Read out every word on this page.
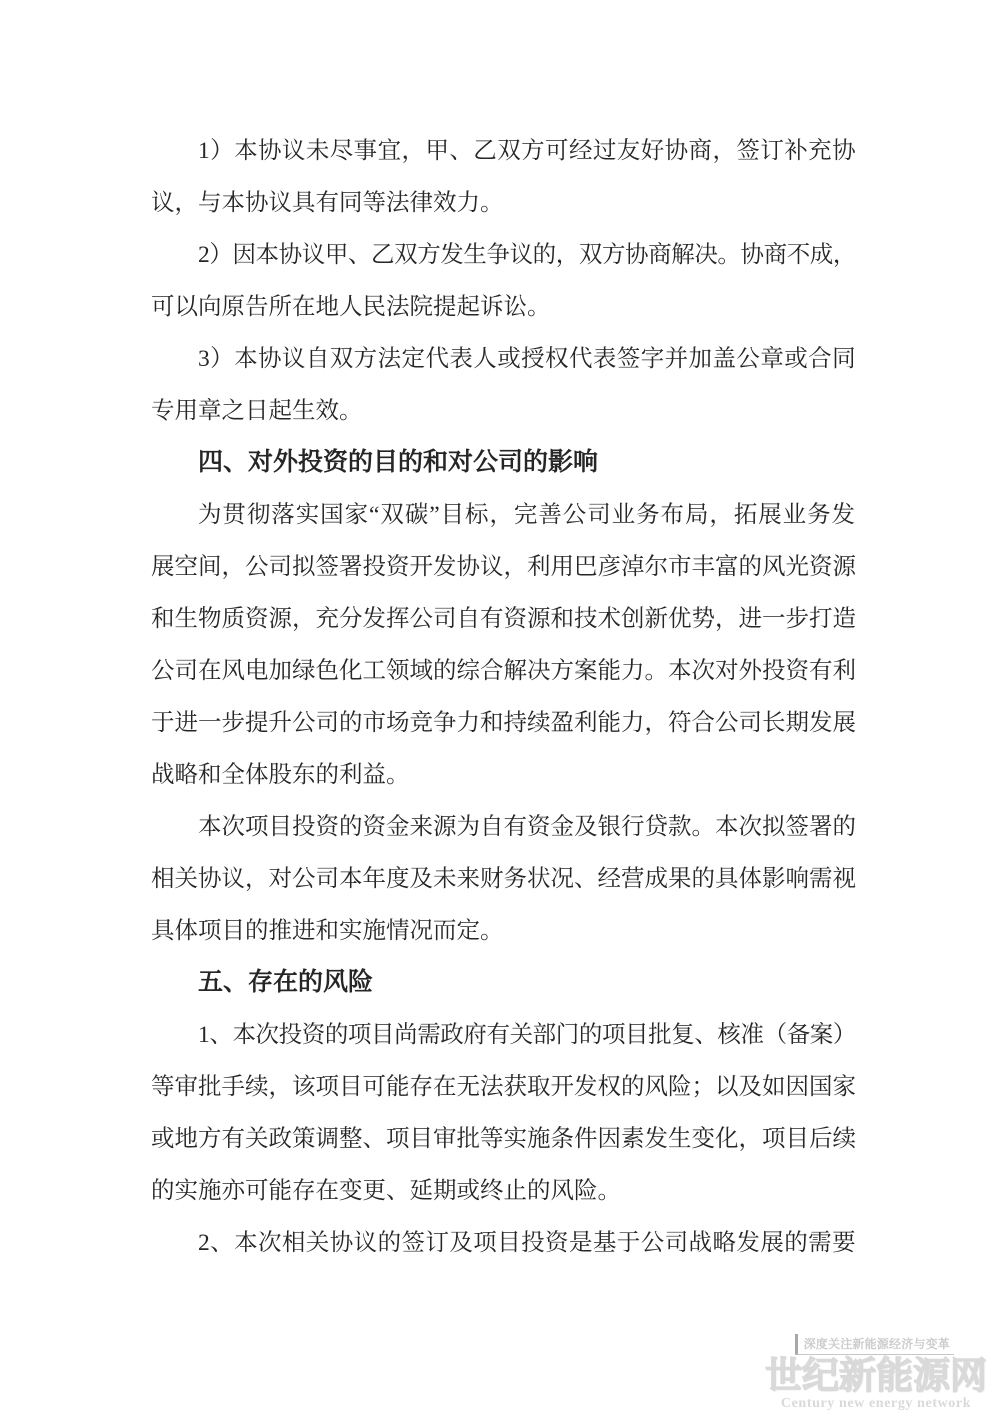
1）本协议未尽事宜，甲、乙双方可经过友好协商，签订补充协
议，与本协议具有同等法律效力。
2）因本协议甲、乙双方发生争议的，双方协商解决。协商不成，
可以向原告所在地人民法院提起诉讼。
3）本协议自双方法定代表人或授权代表签字并加盖公章或合同
专用章之日起生效。
四、对外投资的目的和对公司的影响
为贯彻落实国家“双碳”目标，完善公司业务布局，拓展业务发
展空间，公司拟签署投资开发协议，利用巴彦淖尔市丰富的风光资源
和生物质资源，充分发挥公司自有资源和技术创新优势，进一步打造
公司在风电加绿色化工领域的综合解决方案能力。本次对外投资有利
于进一步提升公司的市场竞争力和持续盈利能力，符合公司长期发展
战略和全体股东的利益。
本次项目投资的资金来源为自有资金及银行贷款。本次拟签署的
相关协议，对公司本年度及未来财务状况、经营成果的具体影响需视
具体项目的推进和实施情况而定。
五、存在的风险
1、本次投资的项目尚需政府有关部门的项目批复、核准（备案）
等审批手续，该项目可能存在无法获取开发权的风险；以及如因国家
或地方有关政策调整、项目审批等实施条件因素发生变化，项目后续
的实施亦可能存在变更、延期或终止的风险。
2、本次相关协议的签订及项目投资是基于公司战略发展的需要
深度关注新能源经济与变革
世纪新能源网
Century new energy network
